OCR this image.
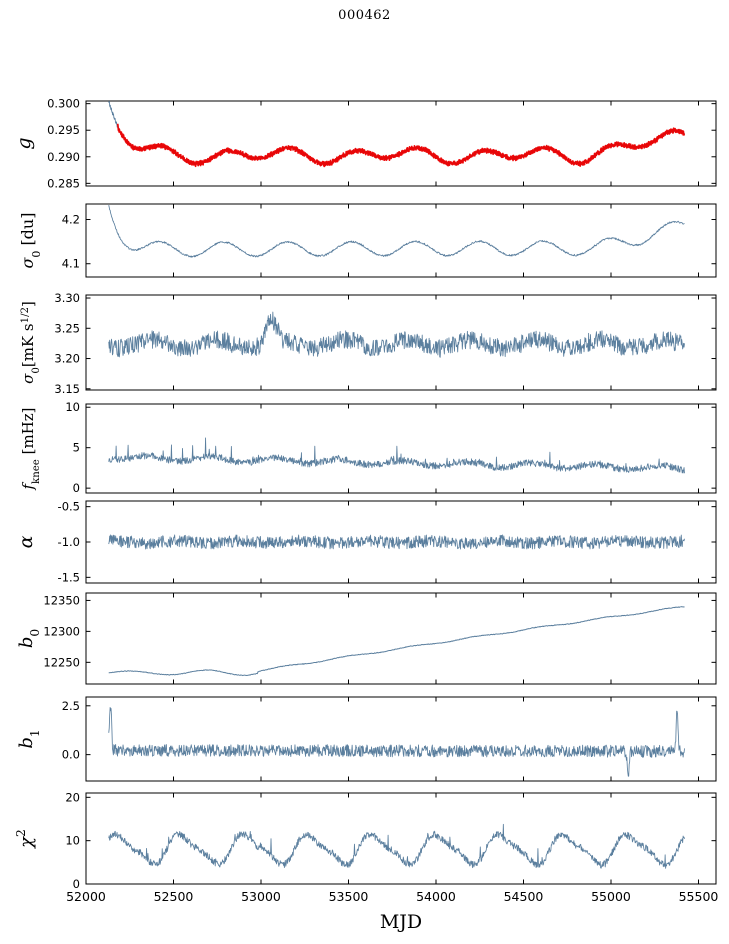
000462
0.285
0.290
0.295
0.300
4.1
4.2
3.15
3.20
3.25
3.30
0
5
10
-1.5
-1.0
-0.5
12250
12300
12350
0.0
2.5
0
10
20
52000	52500	53000	53500	54000	54500	55000	55500
g
$\sigma_0$ [du]
$\sigma_0[mK$ $s^{1/2}$]
$f_{knee}$ [mHz]
α
$b_0$
$b_1$
$\chi^2$
MJD
